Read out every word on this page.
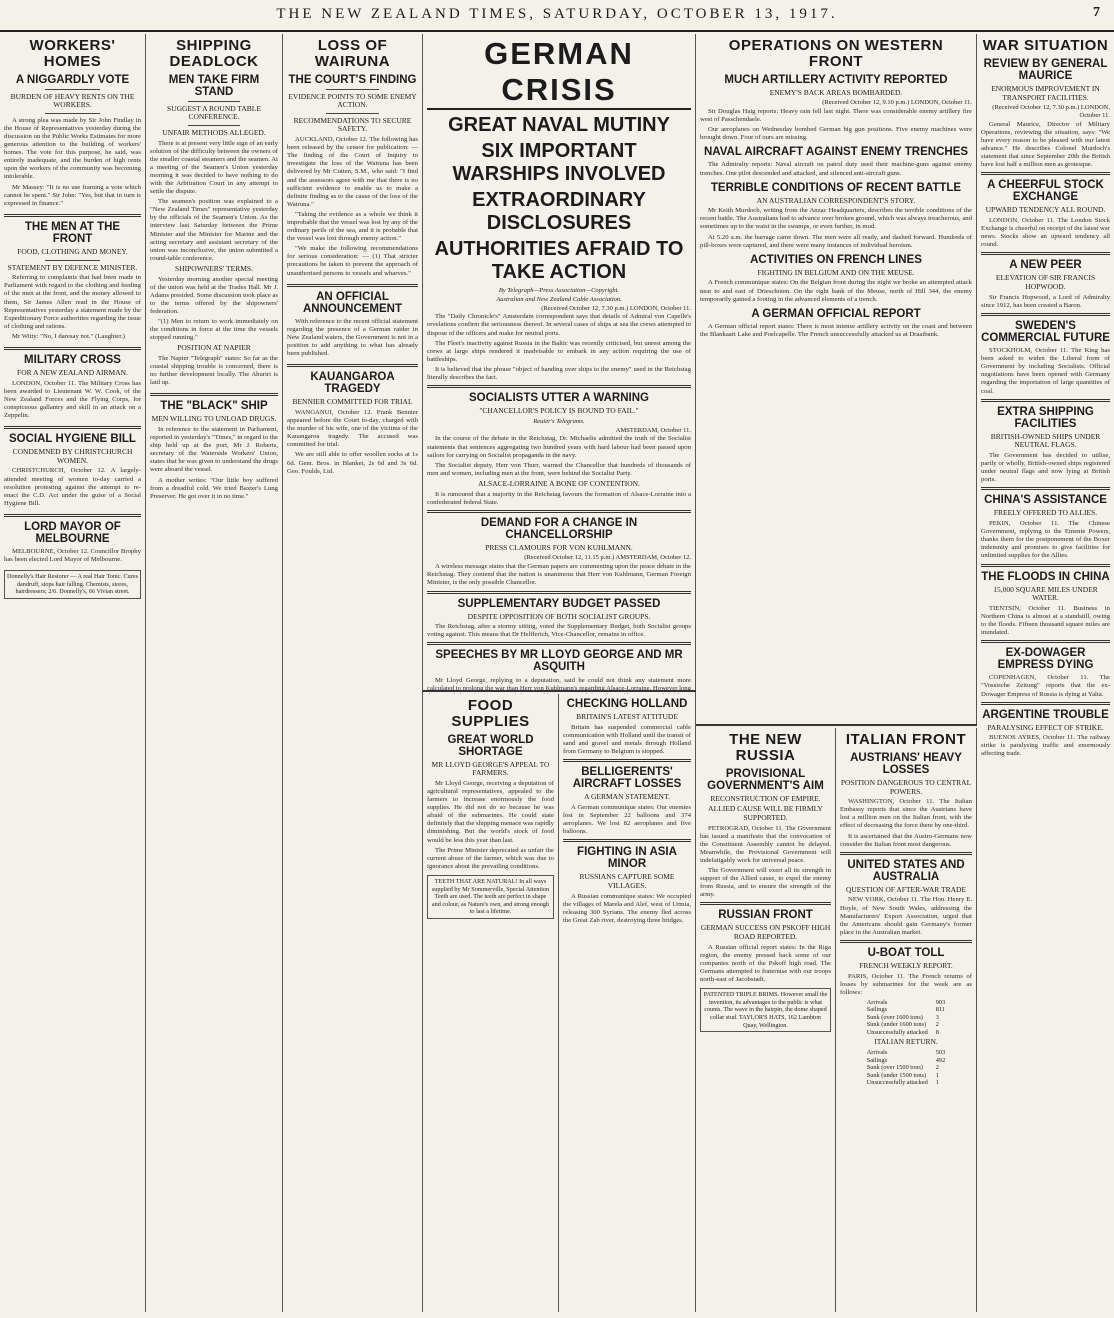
THE NEW ZEALAND TIMES, SATURDAY, OCTOBER 13, 1917.	7
WORKERS' HOMES
A NIGGARDLY VOTE
BURDEN OF HEAVY RENTS ON THE WORKERS.

A strong plea was made by Sir John Findlay in the House of Representatives yesterday during the discussion on the Public Works Estimates for more generous attention to the building of workers' homes. The vote for this purpose, he said, was entirely inadequate, and the burden of high rents upon the workers of the community was becoming intolerable.

Mr Massey: "It is no use framing a vote which cannot be spent." Sir John: "Yes, but that in turn is expressed in finance."

THE MEN AT THE FRONT
FOOD, CLOTHING AND MONEY.
STATEMENT BY DEFENCE MINISTER.

Referring to complaints that had been made in Parliament with regard to the clothing and feeding of the men at the front, and the money allowed to them, Sir James Allen read in the House of Representatives yesterday a statement made by the Expeditionary Force authorities regarding the issue of clothing and rations.

Mr Witty: "No, I daresay not." (Laughter.)

MILITARY CROSS
FOR A NEW ZEALAND AIRMAN.

LONDON, October 11. The Military Cross has been awarded to Lieutenant W. W. Cook, of the New Zealand Forces and the Flying Corps, for conspicuous gallantry and skill in an attack on a Zeppelin.

SOCIAL HYGIENE BILL
CONDEMNED BY CHRISTCHURCH WOMEN.

CHRISTCHURCH, October 12. A largely-attended meeting of women to-day carried a resolution protesting against the attempt to re-enact the C.D. Act under the guise of a Social Hygiene Bill.

LORD MAYOR OF MELBOURNE

MELBOURNE, October 12. Councillor Brophy has been elected Lord Mayor of Melbourne.

Donnelly's Hair Restorer — A real Hair Tonic. Cures dandruff, stops hair falling. Chemists, stores, hairdressers; 2/6. Donnelly's, 66 Vivian street.
SHIPPING DEADLOCK
MEN TAKE FIRM STAND
SUGGEST A ROUND TABLE CONFERENCE.
UNFAIR METHODS ALLEGED.

There is at present very little sign of an early solution of the difficulty between the owners of the smaller coastal steamers and the seamen. At a meeting of the Seamen's Union yesterday morning it was decided to have nothing to do with the Arbitration Court in any attempt to settle the dispute.

The seamen's position was explained to a "New Zealand Times" representative yesterday by the officials of the Seamen's Union. As the interview last Saturday between the Prime Minister and the Minister for Marine and the acting secretary and assistant secretary of the union was inconclusive, the union submitted a round-table conference.

SHIPOWNERS' TERMS.

Yesterday morning another special meeting of the union was held at the Trades Hall. Mr J. Adams presided. Some discussion took place as to the terms offered by the shipowners' federation.

"(1) Men to return to work immediately on the conditions in force at the time the vessels stopped running."

POSITION AT NAPIER

The Napier "Telegraph" states: So far as the coastal shipping trouble is concerned, there is no further development locally. The Ahuriri is laid up.

THE "BLACK" SHIP
MEN WILLING TO UNLOAD DRUGS.

In reference to the statement in Parliament, reported in yesterday's "Times," in regard to the ship held up at the port, Mr J. Roberts, secretary of the Waterside Workers' Union, states that he was given to understand the drugs were aboard the vessel.

A mother writes: "Our little boy suffered from a dreadful cold. We tried Baxter's Lung Preserver. He got over it in no time."

LOSS OF WAIRUNA
THE COURT'S FINDING
EVIDENCE POINTS TO SOME ENEMY ACTION.
RECOMMENDATIONS TO SECURE SAFETY.

AUCKLAND, October 12. The following has been released by the censor for publication: — The finding of the Court of Inquiry to investigate the loss of the Wairuna has been delivered by Mr Cutten, S.M., who said: "I find and the assessors agree with me that there is no sufficient evidence to enable us to make a definite finding as to the cause of the loss of the Wairuna."

"Taking the evidence as a whole we think it improbable that the vessel was lost by any of the ordinary perils of the sea, and it is probable that the vessel was lost through enemy action."

"We make the following recommendations for serious consideration: — (1) That stricter precautions be taken to prevent the approach of unauthorised persons to vessels and wharves."

AN OFFICIAL ANNOUNCEMENT

With reference to the recent official statement regarding the presence of a German raider in New Zealand waters, the Government is not in a position to add anything to what has already been published.

KAUANGAROA TRAGEDY
BENNIER COMMITTED FOR TRIAL

WANGANUI, October 12. Frank Bennier appeared before the Court to-day, charged with the murder of his wife, one of the victims of the Kauangaroa tragedy. The accused was committed for trial.

We are still able to offer woollen socks at 1s 6d. Gent. Bros. in Blanket, 2s 6d and 3s 6d. Geo. Foulds, Ltd.

GERMAN CRISIS
GREAT NAVAL MUTINY
SIX IMPORTANT WARSHIPS INVOLVED
EXTRAORDINARY DISCLOSURES
AUTHORITIES AFRAID TO TAKE ACTION
By Telegraph—Press Association—Copyright.
Australian and New Zealand Cable Association.
(Received October 12, 7.30 p.m.) LONDON, October 11.

The "Daily Chronicle's" Amsterdam correspondent says that details of Admiral von Capelle's revelations confirm the seriousness thereof. In several cases of ships at sea the crews attempted to dispose of the officers and make for neutral ports.

The Fleet's inactivity against Russia in the Baltic was recently criticised, but unrest among the crews at large ships rendered it inadvisable to embark in any action requiring the use of battleships.

It is believed that the phrase "object of handing over ships to the enemy" used in the Reichstag literally describes the fact.

SOCIALISTS UTTER A WARNING
"CHANCELLOR'S POLICY IS BOUND TO FAIL."
Reuter's Telegrams.
AMSTERDAM, October 11.

In the course of the debate in the Reichstag, Dr. Michaelis admitted the truth of the Socialist statements that sentences aggregating two hundred years with hard labour had been passed upon sailors for carrying on Socialist propaganda in the navy.

The Socialist deputy, Herr von Thurr, warned the Chancellor that hundreds of thousands of men and women, including men at the front, were behind the Socialist Party.

ALSACE-LORRAINE A BONE OF CONTENTION.

It is rumoured that a majority in the Reichstag favours the formation of Alsace-Lorraine into a confederated federal State.

DEMAND FOR A CHANGE IN CHANCELLORSHIP
PRESS CLAMOURS FOR VON KUHLMANN.
(Received October 12, 11.15 p.m.) AMSTERDAM, October 12.

A wireless message states that the German papers are commenting upon the peace debate in the Reichstag. They contend that the nation is unanimous that Herr von Kuhlmann, German Foreign Minister, is the only possible Chancellor.

SUPPLEMENTARY BUDGET PASSED
DESPITE OPPOSITION OF BOTH SOCIALIST GROUPS.

The Reichstag, after a stormy sitting, voted the Supplementary Budget, both Socialist groups voting against. This means that Dr Helfferich, Vice-Chancellor, remains in office.

SPEECHES BY MR LLOYD GEORGE AND MR ASQUITH

Mr Lloyd George, replying to a deputation, said he could not think any statement more calculated to prolong the war than Herr von Kuhlmann's regarding Alsace-Lorraine. However long

FOOD SUPPLIES
GREAT WORLD SHORTAGE
MR LLOYD GEORGE'S APPEAL TO FARMERS.

Mr Lloyd George, receiving a deputation of agricultural representatives, appealed to the farmers to increase enormously the food supplies. He did not do so because he was afraid of the submarines. He could state definitely that the shipping menace was rapidly diminishing. But the world's stock of food would be less this year than last.

The Prime Minister deprecated as unfair the current abuse of the farmer, which was due to ignorance about the prevailing conditions.

TEETH THAT ARE NATURAL! In all ways supplied by Mr Sommerville, Special Attention Teeth are used. The teeth are perfect in shape and colour, as Nature's own, and strong enough to last a lifetime.
CHECKING HOLLAND
BRITAIN'S LATEST ATTITUDE

Britain has suspended commercial cable communication with Holland until the transit of sand and gravel and metals through Holland from Germany to Belgium is stopped.

BELLIGERENTS' AIRCRAFT LOSSES
A GERMAN STATEMENT.

A German communique states: Our enemies lost in September 22 balloons and 374 aeroplanes. We lost 82 aeroplanes and five balloons.

FIGHTING IN ASIA MINOR
RUSSIANS CAPTURE SOME VILLAGES.

A Russian communique states: We occupied the villages of Marela and Alef, west of Urmia, releasing 300 Syrians. The enemy fled across the Great Zab river, destroying three bridges.

OPERATIONS ON WESTERN FRONT
MUCH ARTILLERY ACTIVITY REPORTED
ENEMY'S BACK AREAS BOMBARDED.
(Received October 12, 9.10 p.m.) LONDON, October 11.

Sir Douglas Haig reports: Heavy rain fell last night. There was considerable enemy artillery fire west of Passchendaele.

Our aeroplanes on Wednesday bombed German big gun positions. Five enemy machines were brought down. Four of ours are missing.

NAVAL AIRCRAFT AGAINST ENEMY TRENCHES

The Admiralty reports: Naval aircraft on patrol duty used their machine-guns against enemy trenches. One pilot descended and attacked, and silenced anti-aircraft guns.

TERRIBLE CONDITIONS OF RECENT BATTLE
AN AUSTRALIAN CORRESPONDENT'S STORY.

Mr Keith Murdoch, writing from the Anzac Headquarters, describes the terrible conditions of the recent battle. The Australians had to advance over broken ground, which was always treacherous, and sometimes up to the waist in the swamps, or even further, in mud.

At 5.20 a.m. the barrage came down. The men were all ready, and dashed forward. Hundreds of pill-boxes were captured, and there were many instances of individual heroism.

ACTIVITIES ON FRENCH LINES
FIGHTING IN BELGIUM AND ON THE MEUSE.

A French communique states: On the Belgian front during the night we broke an attempted attack near to and east of Drieschoten. On the right bank of the Meuse, north of Hill 344, the enemy temporarily gained a footing in the advanced elements of a trench.

A GERMAN OFFICIAL REPORT

A German official report states: There is most intense artillery activity on the coast and between the Blankaart Lake and Poelcapelle. The French unsuccessfully attacked us at Draaibank.

THE NEW RUSSIA
PROVISIONAL GOVERNMENT'S AIM
RECONSTRUCTION OF EMPIRE.
ALLIED CAUSE WILL BE FIRMLY SUPPORTED.

PETROGRAD, October 11. The Government has issued a manifesto that the convocation of the Constituent Assembly cannot be delayed. Meanwhile, the Provisional Government will indefatigably work for universal peace.

The Government will exert all its strength in support of the Allied cause, to expel the enemy from Russia, and to ensure the strength of the army.

RUSSIAN FRONT
GERMAN SUCCESS ON PSKOFF HIGH ROAD REPORTED.

A Russian official report states: In the Riga region, the enemy pressed back some of our companies north of the Pskoff high road. The Germans attempted to fraternise with our troops north-east of Jacobstadt.

PATENTED TRIPLE BRIMS. However small the invention, its advantages to the public is what counts. The wave in the hairpin, the dome shaped collar stud. TAYLOR'S HATS, 162 Lambton Quay, Wellington.
ITALIAN FRONT
AUSTRIANS' HEAVY LOSSES
POSITION DANGEROUS TO CENTRAL POWERS.

WASHINGTON, October 11. The Italian Embassy reports that since the Austrians have lost a million men on the Italian front, with the effect of decreasing the force there by one-third.

It is ascertained that the Austro-Germans now consider the Italian front most dangerous.

UNITED STATES AND AUSTRALIA
QUESTION OF AFTER-WAR TRADE

NEW YORK, October 11. The Hon. Henry E. Hoyle, of New South Wales, addressing the Manufacturers' Export Association, urged that the Americans should gain Germany's former place in the Australian market.

U-BOAT TOLL
FRENCH WEEKLY REPORT.

PARIS, October 11. The French returns of losses by submarines for the week are as follows:

Arrivals	903
Sailings	811
Sunk (over 1600 tons)	3
Sunk (under 1600 tons)	2
Unsuccessfully attacked	8
ITALIAN RETURN.
Arrivals	503
Sailings	492
Sunk (over 1500 tons)	2
Sunk (under 1500 tons)	1
Unsuccessfully attacked	1
WAR SITUATION
REVIEW BY GENERAL MAURICE
ENORMOUS IMPROVEMENT IN TRANSPORT FACILITIES.
(Received October 12, 7.30 p.m.) LONDON, October 11.

General Maurice, Director of Military Operations, reviewing the situation, says: "We have every reason to be pleased with our latest advance." He describes Colonel Murdoch's statement that since September 20th the British have lost half a million men as grotesque.

A CHEERFUL STOCK EXCHANGE
UPWARD TENDENCY ALL ROUND.

LONDON, October 11. The London Stock Exchange is cheerful on receipt of the latest war news. Stocks show an upward tendency all round.

A NEW PEER
ELEVATION OF SIR FRANCIS HOPWOOD.

Sir Francis Hopwood, a Lord of Admiralty since 1912, has been created a Baron.

SWEDEN'S COMMERCIAL FUTURE

STOCKHOLM, October 11. The King has been asked to widen the Liberal form of Government by including Socialists. Official negotiations have been opened with Germany regarding the importation of large quantities of coal.

EXTRA SHIPPING FACILITIES
BRITISH-OWNED SHIPS UNDER NEUTRAL FLAGS.

The Government has decided to utilise, partly or wholly, British-owned ships registered under neutral flags and now lying at British ports.

CHINA'S ASSISTANCE
FREELY OFFERED TO ALLIES.

PEKIN, October 11. The Chinese Government, replying to the Entente Powers, thanks them for the postponement of the Boxer indemnity and promises to give facilities for unlimited supplies for the Allies.

THE FLOODS IN CHINA
15,000 SQUARE MILES UNDER WATER.

TIENTSIN, October 11. Business in Northern China is almost at a standstill, owing to the floods. Fifteen thousand square miles are inundated.

EX-DOWAGER EMPRESS DYING

COPENHAGEN, October 11. The "Vossische Zeitung" reports that the ex-Dowager Empress of Russia is dying at Yalta.

ARGENTINE TROUBLE
PARALYSING EFFECT OF STRIKE.

BUENOS AYRES, October 11. The railway strike is paralysing traffic and enormously affecting trade.
